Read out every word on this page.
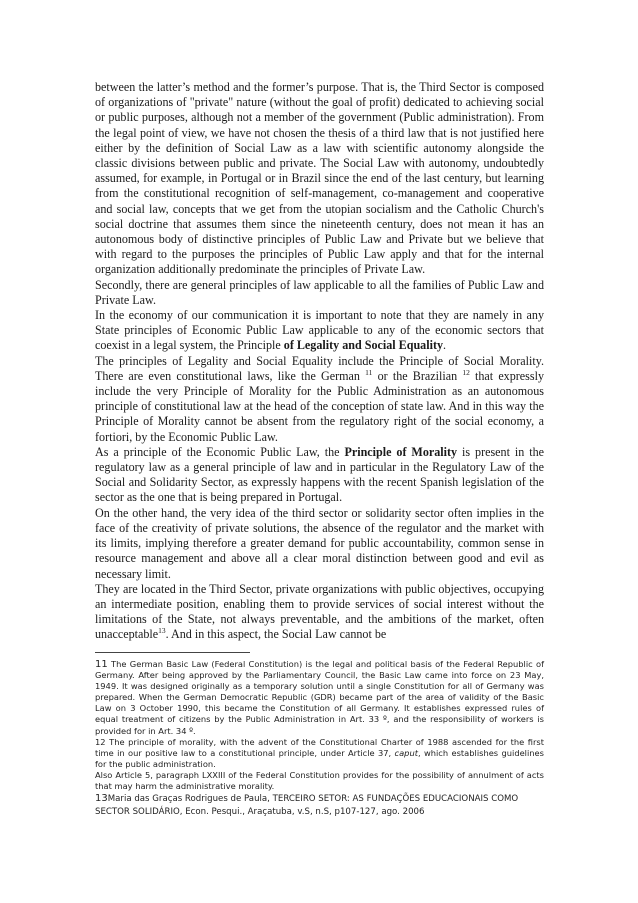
between the latter’s method and the former’s purpose. That is, the Third Sector is composed of organizations of "private" nature (without the goal of profit) dedicated to achieving social or public purposes, although not a member of the government (Public administration). From the legal point of view, we have not chosen the thesis of a third law that is not justified here either by the definition of Social Law as a law with scientific autonomy alongside the classic divisions between public and private. The Social Law with autonomy, undoubtedly assumed, for example, in Portugal or in Brazil since the end of the last century, but learning from the constitutional recognition of self-management, co-management and cooperative and social law, concepts that we get from the utopian socialism and the Catholic Church's social doctrine that assumes them since the nineteenth century, does not mean it has an autonomous body of distinctive principles of Public Law and Private but we believe that with regard to the purposes the principles of Public Law apply and that for the internal organization additionally predominate the principles of Private Law.

Secondly, there are general principles of law applicable to all the families of Public Law and Private Law.

In the economy of our communication it is important to note that they are namely in any State principles of Economic Public Law applicable to any of the economic sectors that coexist in a legal system, the Principle of Legality and Social Equality.

The principles of Legality and Social Equality include the Principle of Social Morality. There are even constitutional laws, like the German $^{11}$ or the Brazilian $^{12}$ that expressly include the very Principle of Morality for the Public Administration as an autonomous principle of constitutional law at the head of the conception of state law. And in this way the Principle of Morality cannot be absent from the regulatory right of the social economy, a fortiori, by the Economic Public Law.

As a principle of the Economic Public Law, the Principle of Morality is present in the regulatory law as a general principle of law and in particular in the Regulatory Law of the Social and Solidarity Sector, as expressly happens with the recent Spanish legislation of the sector as the one that is being prepared in Portugal.

On the other hand, the very idea of the third sector or solidarity sector often implies in the face of the creativity of private solutions, the absence of the regulator and the market with its limits, implying therefore a greater demand for public accountability, common sense in resource management and above all a clear moral distinction between good and evil as necessary limit.

They are located in the Third Sector, private organizations with public objectives, occupying an intermediate position, enabling them to provide services of social interest without the limitations of the State, not always preventable, and the ambitions of the market, often unacceptable$^{13}$. And in this aspect, the Social Law cannot be

11 The German Basic Law (Federal Constitution) is the legal and political basis of the Federal Republic of Germany. After being approved by the Parliamentary Council, the Basic Law came into force on 23 May, 1949. It was designed originally as a temporary solution until a single Constitution for all of Germany was prepared. When the German Democratic Republic (GDR) became part of the area of validity of the Basic Law on 3 October 1990, this became the Constitution of all Germany. It establishes expressed rules of equal treatment of citizens by the Public Administration in Art. 33 º, and the responsibility of workers is provided for in Art. 34 º.

12 The principle of morality, with the advent of the Constitutional Charter of 1988 ascended for the first time in our positive law to a constitutional principle, under Article 37, caput, which establishes guidelines for the public administration.

Also Article 5, paragraph LXXIII of the Federal Constitution provides for the possibility of annulment of acts that may harm the administrative morality.

13Maria das Graças Rodrigues de Paula, TERCEIRO SETOR: AS FUNDAÇÕES EDUCACIONAIS COMO SECTOR SOLIDÁRIO, Econ. Pesqui., Araçatuba, v.S, n.S, p107-127, ago. 2006
